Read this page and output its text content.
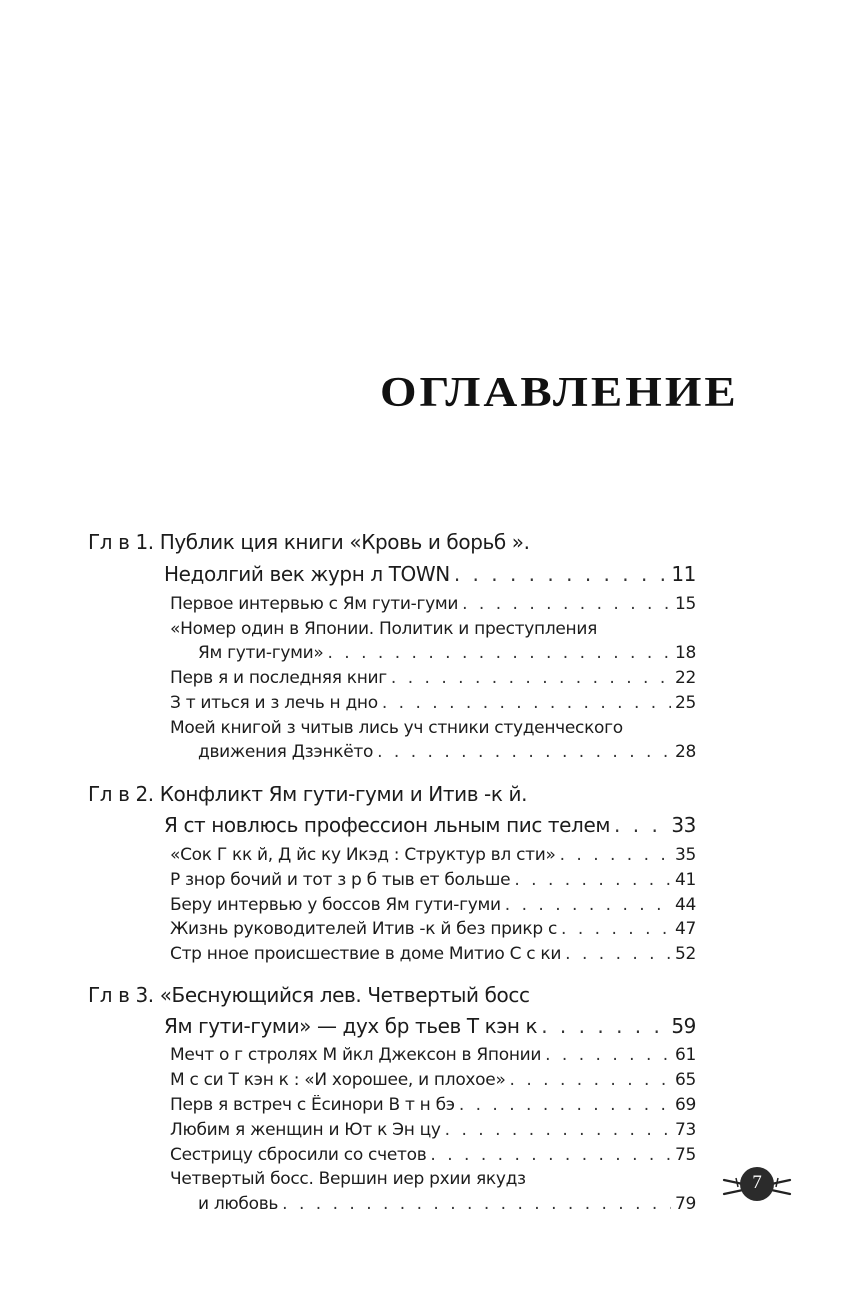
ОГЛАВЛЕНИЕ
Гл в 1. Публик ция книги «Кровь и борьб ».
Недолгий век журн л TOWN . . .	11
Первое интервью с Ям гути-гуми . . .	15
«Номер один в Японии. Политик и преступления
Ям гути-гуми» . . .	18
Перв я и последняя книг . . .	22
З т иться и з лечь н дно . . .	25
Моей книгой з читыв лись уч стники студенческого
движения Дзэнкёто . . .	28
Гл в 2. Конфликт Ям гути-гуми и Итив -к й.
Я ст новлюсь профессион льным пис телем . . .	33
«Сок Г кк й, Д йс ку Икэд : Структур вл сти» . . .	35
Р знор бочий и тот з р б тыв ет больше . . .	41
Беру интервью у боссов Ям гути-гуми . . .	44
Жизнь руководителей Итив -к й без прикр с . . .	47
Стр нное происшествие в доме Митио С с ки . . .	52
Гл в 3. «Беснующийся лев. Четвертый босс
Ям гути-гуми» — дух бр тьев Т кэн к . . .	59
Мечт о г стролях М йкл Джексон в Японии . . .	61
М с си Т кэн к : «И хорошее, и плохое» . . .	65
Перв я встреч с Ёсинори В т н бэ . . .	69
Любим я женщин и Ют к Эн цу . . .	73
Сестрицу сбросили со счетов . . .	75
Четвертый босс. Вершин иер рхии якудз
и любовь . . .	79
7
